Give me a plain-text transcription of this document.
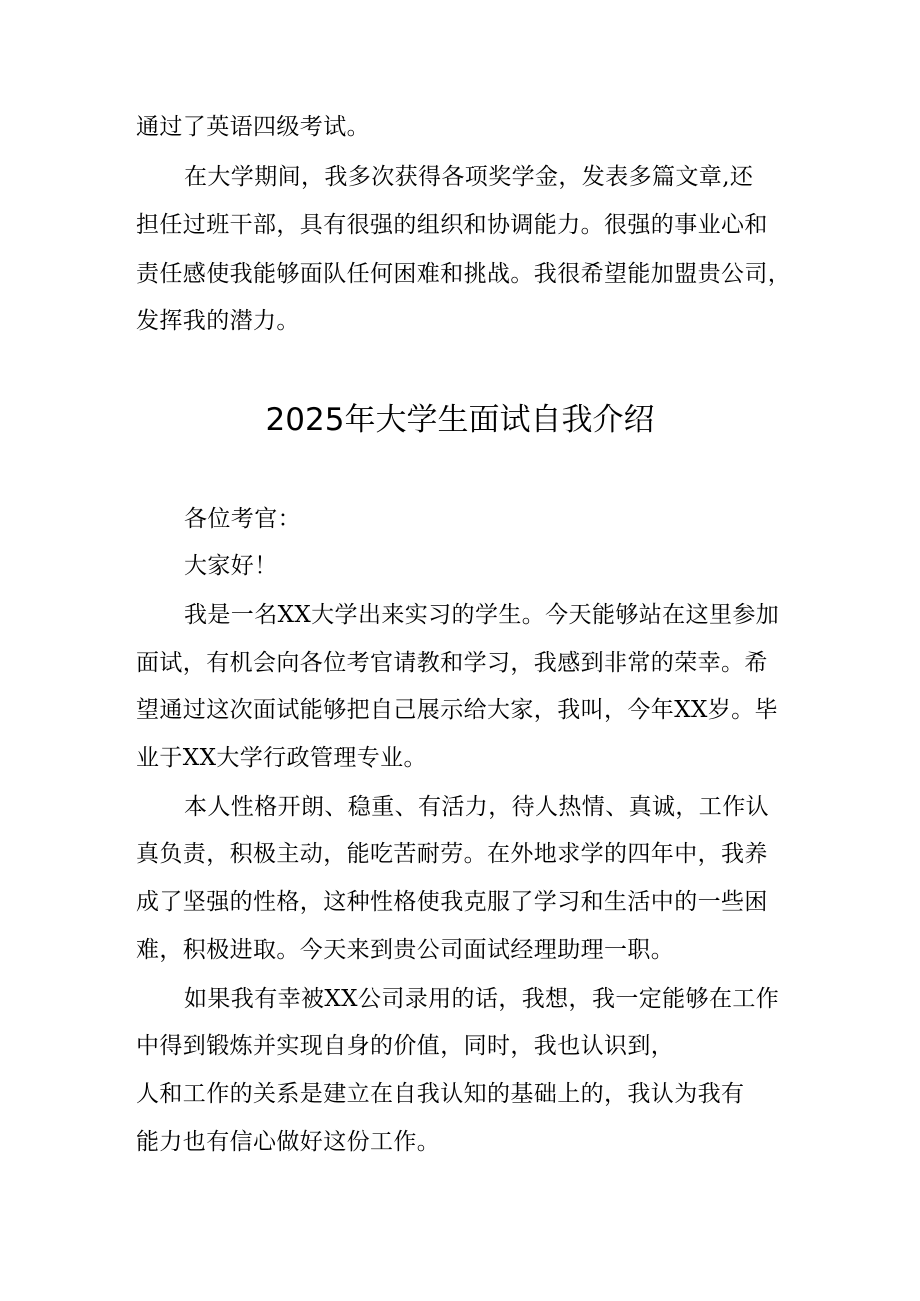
通过了英语四级考试。
在大学期间，我多次获得各项奖学金，发表多篇文章,还
担任过班干部，具有很强的组织和协调能力。很强的事业心和
责任感使我能够面队任何困难和挑战。我很希望能加盟贵公司，
发挥我的潜力。
2025年大学生面试自我介绍
各位考官：
大家好！
我是一名XX大学出来实习的学生。今天能够站在这里参加
面试，有机会向各位考官请教和学习，我感到非常的荣幸。希
望通过这次面试能够把自己展示给大家，我叫，今年XX岁。毕
业于XX大学行政管理专业。
本人性格开朗、稳重、有活力，待人热情、真诚，工作认
真负责，积极主动，能吃苦耐劳。在外地求学的四年中，我养
成了坚强的性格，这种性格使我克服了学习和生活中的一些困
难，积极进取。今天来到贵公司面试经理助理一职。
如果我有幸被XX公司录用的话，我想，我一定能够在工作
中得到锻炼并实现自身的价值，同时，我也认识到，
人和工作的关系是建立在自我认知的基础上的，我认为我有
能力也有信心做好这份工作。
